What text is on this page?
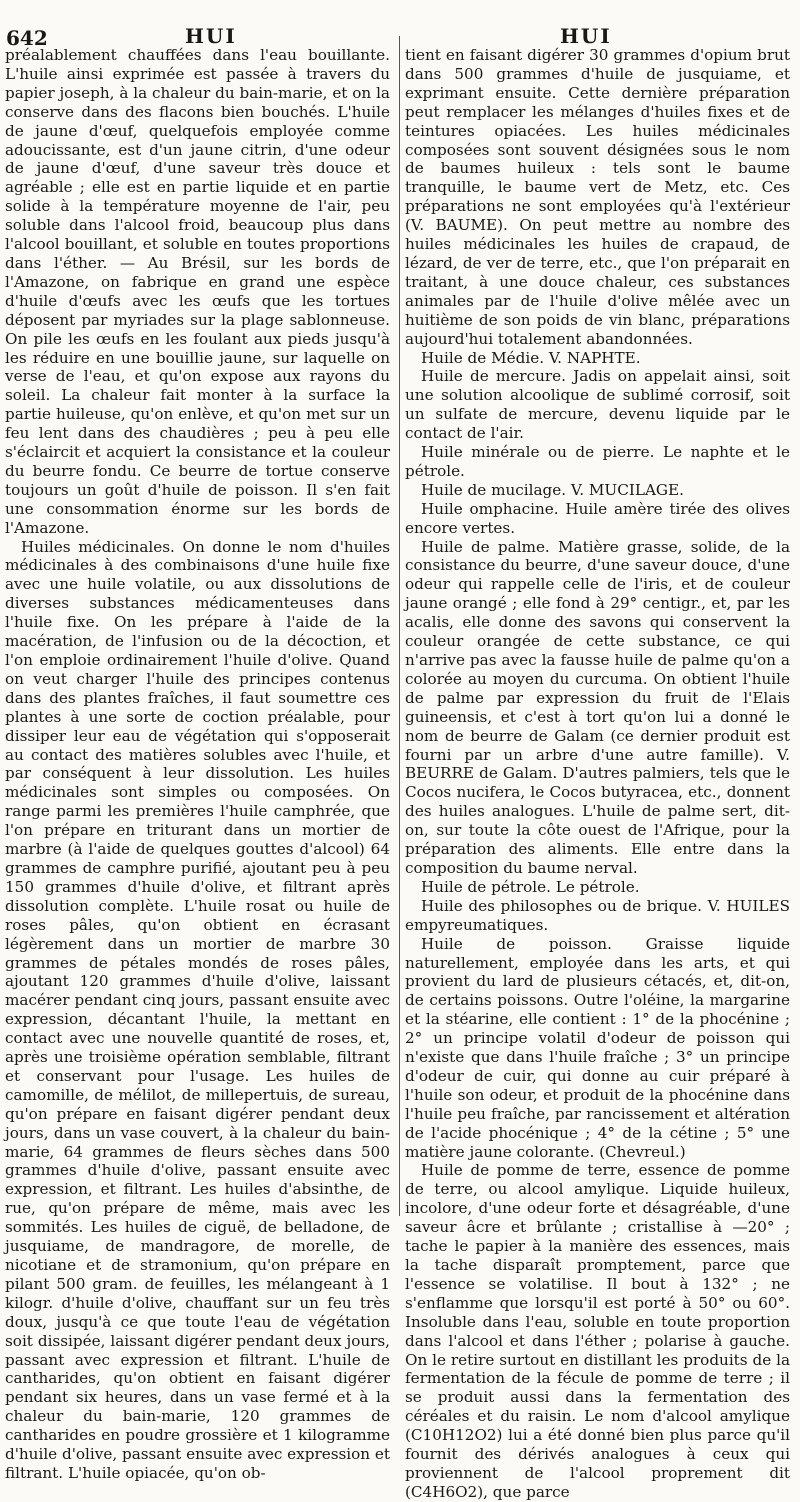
642	HUI	HUI

préalablement chauffées dans l'eau bouillante. L'huile ainsi exprimée est passée à travers du papier joseph, à la chaleur du bain-marie, et on la conserve dans des flacons bien bouchés. L'huile de jaune d'œuf, quelquefois employée comme adoucissante, est d'un jaune citrin, d'une odeur de jaune d'œuf, d'une saveur très douce et agréable ; elle est en partie liquide et en partie solide à la température moyenne de l'air, peu soluble dans l'alcool froid, beaucoup plus dans l'alcool bouillant, et soluble en toutes proportions dans l'éther. — Au Brésil, sur les bords de l'Amazone, on fabrique en grand une espèce d'huile d'œufs avec les œufs que les tortues déposent par myriades sur la plage sablonneuse. On pile les œufs en les foulant aux pieds jusqu'à les réduire en une bouillie jaune, sur laquelle on verse de l'eau, et qu'on expose aux rayons du soleil. La chaleur fait monter à la surface la partie huileuse, qu'on enlève, et qu'on met sur un feu lent dans des chaudières ; peu à peu elle s'éclaircit et acquiert la consistance et la couleur du beurre fondu. Ce beurre de tortue conserve toujours un goût d'huile de poisson. Il s'en fait une consommation énorme sur les bords de l'Amazone.

Huiles médicinales. On donne le nom d'huiles médicinales à des combinaisons d'une huile fixe avec une huile volatile, ou aux dissolutions de diverses substances médicamenteuses dans l'huile fixe. On les prépare à l'aide de la macération, de l'infusion ou de la décoction, et l'on emploie ordinairement l'huile d'olive. Quand on veut charger l'huile des principes contenus dans des plantes fraîches, il faut soumettre ces plantes à une sorte de coction préalable, pour dissiper leur eau de végétation qui s'opposerait au contact des matières solubles avec l'huile, et par conséquent à leur dissolution. Les huiles médicinales sont simples ou composées. On range parmi les premières l'huile camphrée, que l'on prépare en triturant dans un mortier de marbre (à l'aide de quelques gouttes d'alcool) 64 grammes de camphre purifié, ajoutant peu à peu 150 grammes d'huile d'olive, et filtrant après dissolution complète. L'huile rosat ou huile de roses pâles, qu'on obtient en écrasant légèrement dans un mortier de marbre 30 grammes de pétales mondés de roses pâles, ajoutant 120 grammes d'huile d'olive, laissant macérer pendant cinq jours, passant ensuite avec expression, décantant l'huile, la mettant en contact avec une nouvelle quantité de roses, et, après une troisième opération semblable, filtrant et conservant pour l'usage. Les huiles de camomille, de mélilot, de millepertuis, de sureau, qu'on prépare en faisant digérer pendant deux jours, dans un vase couvert, à la chaleur du bain-marie, 64 grammes de fleurs sèches dans 500 grammes d'huile d'olive, passant ensuite avec expression, et filtrant. Les huiles d'absinthe, de rue, qu'on prépare de même, mais avec les sommités. Les huiles de ciguë, de belladone, de jusquiame, de mandragore, de morelle, de nicotiane et de stramonium, qu'on prépare en pilant 500 gram. de feuilles, les mélangeant à 1 kilogr. d'huile d'olive, chauffant sur un feu très doux, jusqu'à ce que toute l'eau de végétation soit dissipée, laissant digérer pendant deux jours, passant avec expression et filtrant. L'huile de cantharides, qu'on obtient en faisant digérer pendant six heures, dans un vase fermé et à la chaleur du bain-marie, 120 grammes de cantharides en poudre grossière et 1 kilogramme d'huile d'olive, passant ensuite avec expression et filtrant. L'huile opiacée, qu'on ob-

tient en faisant digérer 30 grammes d'opium brut dans 500 grammes d'huile de jusquiame, et exprimant ensuite. Cette dernière préparation peut remplacer les mélanges d'huiles fixes et de teintures opiacées. Les huiles médicinales composées sont souvent désignées sous le nom de baumes huileux : tels sont le baume tranquille, le baume vert de Metz, etc. Ces préparations ne sont employées qu'à l'extérieur (V. BAUME). On peut mettre au nombre des huiles médicinales les huiles de crapaud, de lézard, de ver de terre, etc., que l'on préparait en traitant, à une douce chaleur, ces substances animales par de l'huile d'olive mêlée avec un huitième de son poids de vin blanc, préparations aujourd'hui totalement abandonnées.

Huile de Médie. V. NAPHTE.

Huile de mercure. Jadis on appelait ainsi, soit une solution alcoolique de sublimé corrosif, soit un sulfate de mercure, devenu liquide par le contact de l'air.

Huile minérale ou de pierre. Le naphte et le pétrole.

Huile de mucilage. V. MUCILAGE.

Huile omphacine. Huile amère tirée des olives encore vertes.

Huile de palme. Matière grasse, solide, de la consistance du beurre, d'une saveur douce, d'une odeur qui rappelle celle de l'iris, et de couleur jaune orangé ; elle fond à 29° centigr., et, par les acalis, elle donne des savons qui conservent la couleur orangée de cette substance, ce qui n'arrive pas avec la fausse huile de palme qu'on a colorée au moyen du curcuma. On obtient l'huile de palme par expression du fruit de l'Elais guineensis, et c'est à tort qu'on lui a donné le nom de beurre de Galam (ce dernier produit est fourni par un arbre d'une autre famille). V. BEURRE de Galam. D'autres palmiers, tels que le Cocos nucifera, le Cocos butyracea, etc., donnent des huiles analogues. L'huile de palme sert, dit-on, sur toute la côte ouest de l'Afrique, pour la préparation des aliments. Elle entre dans la composition du baume nerval.

Huile de pétrole. Le pétrole.

Huile des philosophes ou de brique. V. HUILES empyreumatiques.

Huile de poisson. Graisse liquide naturellement, employée dans les arts, et qui provient du lard de plusieurs cétacés, et, dit-on, de certains poissons. Outre l'oléine, la margarine et la stéarine, elle contient : 1° de la phocénine ; 2° un principe volatil d'odeur de poisson qui n'existe que dans l'huile fraîche ; 3° un principe d'odeur de cuir, qui donne au cuir préparé à l'huile son odeur, et produit de la phocénine dans l'huile peu fraîche, par rancissement et altération de l'acide phocénique ; 4° de la cétine ; 5° une matière jaune colorante. (Chevreul.)

Huile de pomme de terre, essence de pomme de terre, ou alcool amylique. Liquide huileux, incolore, d'une odeur forte et désagréable, d'une saveur âcre et brûlante ; cristallise à —20° ; tache le papier à la manière des essences, mais la tache disparaît promptement, parce que l'essence se volatilise. Il bout à 132° ; ne s'enflamme que lorsqu'il est porté à 50° ou 60°. Insoluble dans l'eau, soluble en toute proportion dans l'alcool et dans l'éther ; polarise à gauche. On le retire surtout en distillant les produits de la fermentation de la fécule de pomme de terre ; il se produit aussi dans la fermentation des céréales et du raisin. Le nom d'alcool amylique (C10H12O2) lui a été donné bien plus parce qu'il fournit des dérivés analogues à ceux qui proviennent de l'alcool proprement dit (C4H6O2), que parce
